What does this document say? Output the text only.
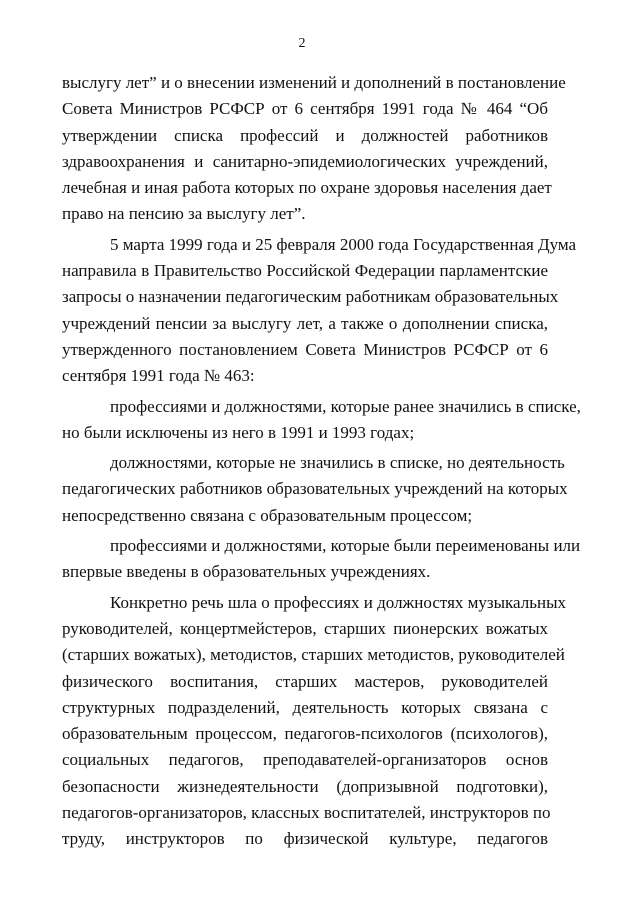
2
выслугу лет” и о внесении изменений и дополнений в постановление
Совета Министров РСФСР от 6 сентября 1991 года № 464 “Об
утверждении списка профессий и должностей работников
здравоохранения и санитарно-эпидемиологических учреждений,
лечебная и иная работа которых по охране здоровья населения дает
право на пенсию за выслугу лет”.
5 марта 1999 года и 25 февраля 2000 года Государственная Дума
направила в Правительство Российской Федерации парламентские
запросы о назначении педагогическим работникам образовательных
учреждений пенсии за выслугу лет, а также о дополнении списка,
утвержденного постановлением Совета Министров РСФСР от 6
сентября 1991 года № 463:
профессиями и должностями, которые ранее значились в списке,
но были исключены из него в 1991 и 1993 годах;
должностями, которые не значились в списке, но деятельность
педагогических работников образовательных учреждений на которых
непосредственно связана с образовательным процессом;
профессиями и должностями, которые были переименованы или
впервые введены в образовательных учреждениях.
Конкретно речь шла о профессиях и должностях музыкальных
руководителей, концертмейстеров, старших пионерских вожатых
(старших вожатых), методистов, старших методистов, руководителей
физического воспитания, старших мастеров, руководителей
структурных подразделений, деятельность которых связана с
образовательным процессом, педагогов-психологов (психологов),
социальных педагогов, преподавателей-организаторов основ
безопасности жизнедеятельности (допризывной подготовки),
педагогов-организаторов, классных воспитателей, инструкторов по
труду, инструкторов по физической культуре, педагогов
